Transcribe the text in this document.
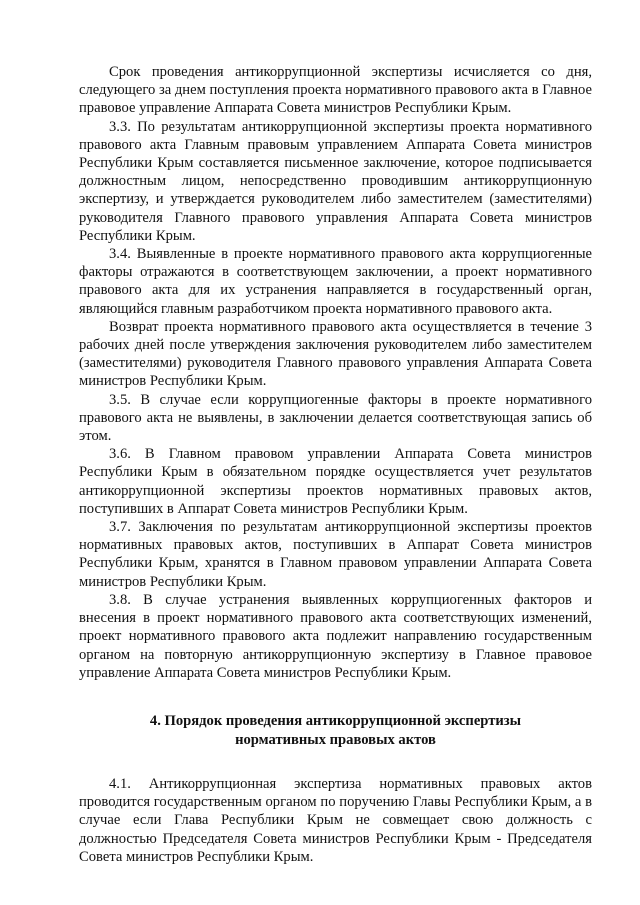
Срок проведения антикоррупционной экспертизы исчисляется со дня, следующего за днем поступления проекта нормативного правового акта в Главное правовое управление Аппарата Совета министров Республики Крым.

3.3. По результатам антикоррупционной экспертизы проекта нормативного правового акта Главным правовым управлением Аппарата Совета министров Республики Крым составляется письменное заключение, которое подписывается должностным лицом, непосредственно проводившим антикоррупционную экспертизу, и утверждается руководителем либо заместителем (заместителями) руководителя Главного правового управления Аппарата Совета министров Республики Крым.

3.4. Выявленные в проекте нормативного правового акта коррупциогенные факторы отражаются в соответствующем заключении, а проект нормативного правового акта для их устранения направляется в государственный орган, являющийся главным разработчиком проекта нормативного правового акта.

Возврат проекта нормативного правового акта осуществляется в течение 3 рабочих дней после утверждения заключения руководителем либо заместителем (заместителями) руководителя Главного правового управления Аппарата Совета министров Республики Крым.

3.5. В случае если коррупциогенные факторы в проекте нормативного правового акта не выявлены, в заключении делается соответствующая запись об этом.

3.6. В Главном правовом управлении Аппарата Совета министров Республики Крым в обязательном порядке осуществляется учет результатов антикоррупционной экспертизы проектов нормативных правовых актов, поступивших в Аппарат Совета министров Республики Крым.

3.7. Заключения по результатам антикоррупционной экспертизы проектов нормативных правовых актов, поступивших в Аппарат Совета министров Республики Крым, хранятся в Главном правовом управлении Аппарата Совета министров Республики Крым.

3.8. В случае устранения выявленных коррупциогенных факторов и внесения в проект нормативного правового акта соответствующих изменений, проект нормативного правового акта подлежит направлению государственным органом на повторную антикоррупционную экспертизу в Главное правовое управление Аппарата Совета министров Республики Крым.

4. Порядок проведения антикоррупционной экспертизы
нормативных правовых актов

4.1. Антикоррупционная экспертиза нормативных правовых актов проводится государственным органом по поручению Главы Республики Крым, а в случае если Глава Республики Крым не совмещает свою должность с должностью Председателя Совета министров Республики Крым - Председателя Совета министров Республики Крым.
